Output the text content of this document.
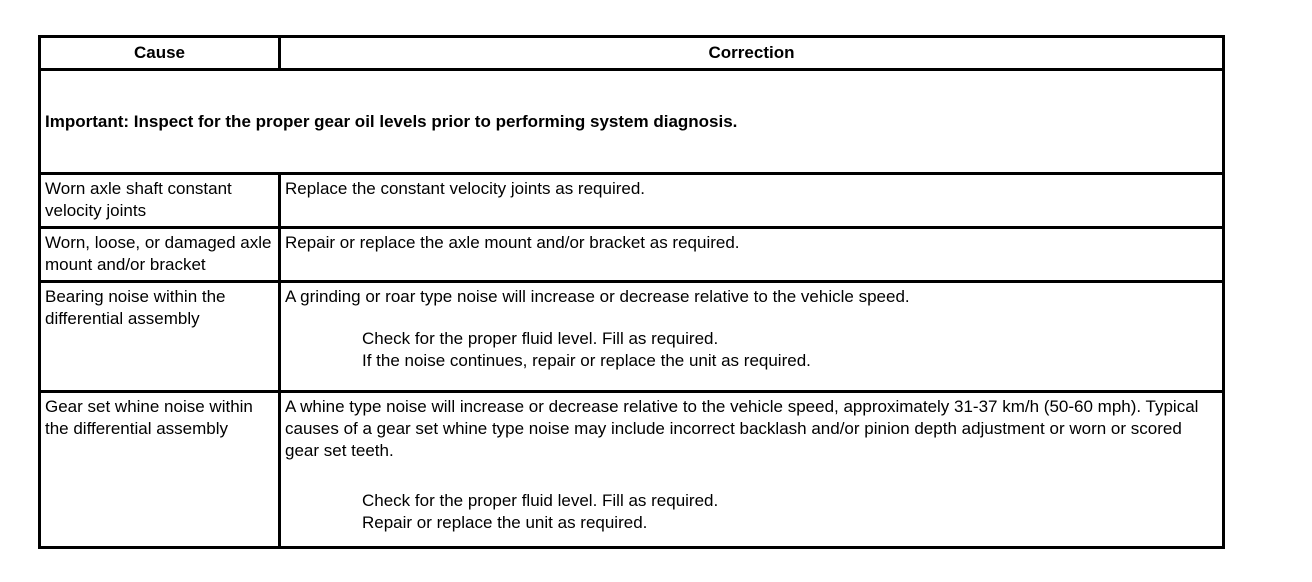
Cause	Correction
Important: Inspect for the proper gear oil levels prior to performing system diagnosis.	
Worn axle shaft constant velocity joints	Replace the constant velocity joints as required.
Worn, loose, or damaged axle mount and/or bracket	Repair or replace the axle mount and/or bracket as required.
Bearing noise within the differential assembly	A grinding or roar type noise will increase or decrease relative to the vehicle speed.
Check for the proper fluid level. Fill as required.
If the noise continues, repair or replace the unit as required.

Gear set whine noise within the differential assembly	A whine type noise will increase or decrease relative to the vehicle speed, approximately 31-37 km/h (50-60 mph). Typical causes of a gear set whine type noise may include incorrect backlash and/or pinion depth adjustment or worn or scored gear set teeth.
Check for the proper fluid level. Fill as required.
Repair or replace the unit as required.
